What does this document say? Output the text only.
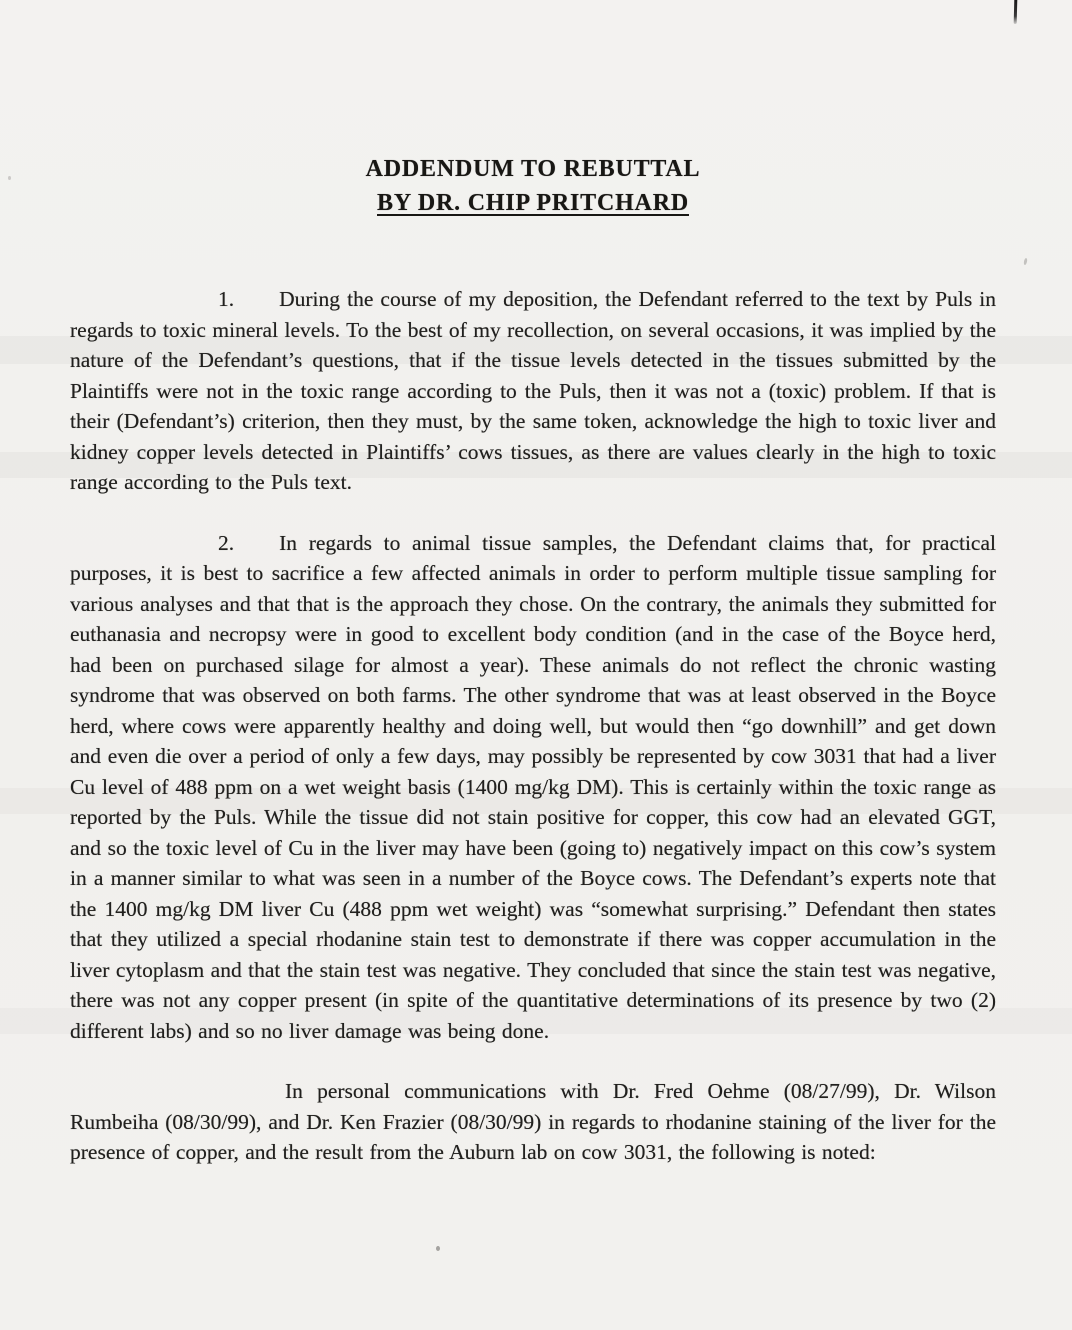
ADDENDUM TO REBUTTAL
BY DR. CHIP PRITCHARD

1. During the course of my deposition, the Defendant referred to the text by Puls in regards to toxic mineral levels. To the best of my recollection, on several occasions, it was implied by the nature of the Defendant’s questions, that if the tissue levels detected in the tissues submitted by the Plaintiffs were not in the toxic range according to the Puls, then it was not a (toxic) problem. If that is their (Defendant’s) criterion, then they must, by the same token, acknowledge the high to toxic liver and kidney copper levels detected in Plaintiffs’ cows tissues, as there are values clearly in the high to toxic range according to the Puls text.

2. In regards to animal tissue samples, the Defendant claims that, for practical purposes, it is best to sacrifice a few affected animals in order to perform multiple tissue sampling for various analyses and that that is the approach they chose. On the contrary, the animals they submitted for euthanasia and necropsy were in good to excellent body condition (and in the case of the Boyce herd, had been on purchased silage for almost a year). These animals do not reflect the chronic wasting syndrome that was observed on both farms. The other syndrome that was at least observed in the Boyce herd, where cows were apparently healthy and doing well, but would then “go downhill” and get down and even die over a period of only a few days, may possibly be represented by cow 3031 that had a liver Cu level of 488 ppm on a wet weight basis (1400 mg/kg DM). This is certainly within the toxic range as reported by the Puls. While the tissue did not stain positive for copper, this cow had an elevated GGT, and so the toxic level of Cu in the liver may have been (going to) negatively impact on this cow’s system in a manner similar to what was seen in a number of the Boyce cows. The Defendant’s experts note that the 1400 mg/kg DM liver Cu (488 ppm wet weight) was “somewhat surprising.” Defendant then states that they utilized a special rhodanine stain test to demonstrate if there was copper accumulation in the liver cytoplasm and that the stain test was negative. They concluded that since the stain test was negative, there was not any copper present (in spite of the quantitative determinations of its presence by two (2) different labs) and so no liver damage was being done.

In personal communications with Dr. Fred Oehme (08/27/99), Dr. Wilson Rumbeiha (08/30/99), and Dr. Ken Frazier (08/30/99) in regards to rhodanine staining of the liver for the presence of copper, and the result from the Auburn lab on cow 3031, the following is noted:
